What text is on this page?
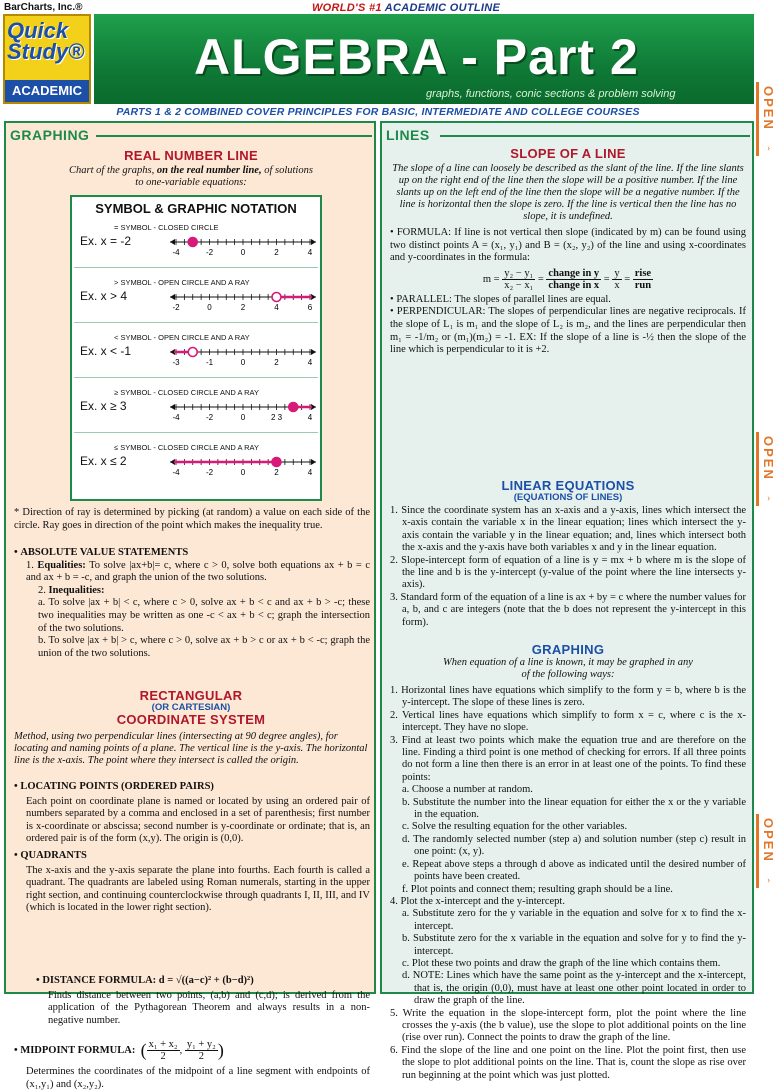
BarCharts, Inc.®	WORLD'S #1 ACADEMIC OUTLINE
Quick
Study®
ACADEMIC
ALGEBRA - Part 2
graphs, functions, conic sections & problem solving
PARTS 1 & 2 COMBINED COVER PRINCIPLES FOR BASIC, INTERMEDIATE AND COLLEGE COURSES	OPEN
›
OPEN
›
OPEN
›
GRAPHING
REAL NUMBER LINE
Chart of the graphs, on the real number line, of solutions to one-variable equations:
SYMBOL & GRAPHIC NOTATION
= SYMBOL - CLOSED CIRCLE
Ex. x = -2
-4	-2	0	2	4
> SYMBOL - OPEN CIRCLE AND A RAY
Ex. x > 4
-2	0	2	4	6
< SYMBOL - OPEN CIRCLE AND A RAY
Ex. x < -1
-3	-1	0	2	4
≥ SYMBOL - CLOSED CIRCLE AND A RAY
Ex. x ≥ 3
-4	-2	0	2 3	4
≤ SYMBOL - CLOSED CIRCLE AND A RAY
Ex. x ≤ 2
-4	-2	0	2	4
* Direction of ray is determined by picking (at random) a value on each side of the circle. Ray goes in direction of the point which makes the inequality true.
• ABSOLUTE VALUE STATEMENTS
1. Equalities: To solve |ax+b|= c, where c > 0, solve both equations ax + b = c and ax + b = -c, and graph the union of the two solutions.
2. Inequalities:
a. To solve |ax + b| < c, where c > 0, solve ax + b < c and ax + b > -c; these two inequalities may be written as one -c < ax + b < c; graph the intersection of the two solutions.
b. To solve |ax + b| > c, where c > 0, solve ax + b > c or ax + b < -c; graph the union of the two solutions.
RECTANGULAR
(OR CARTESIAN)
COORDINATE SYSTEM
Method, using two perpendicular lines (intersecting at 90 degree angles), for locating and naming points of a plane. The vertical line is the y-axis. The horizontal line is the x-axis. The point where they intersect is called the origin.
• LOCATING POINTS (ORDERED PAIRS)
Each point on coordinate plane is named or located by using an ordered pair of numbers separated by a comma and enclosed in a set of parenthesis; first number is x-coordinate or abscissa; second number is y-coordinate or ordinate; that is, an ordered pair is of the form (x,y). The origin is (0,0).
• QUADRANTS
The x-axis and the y-axis separate the plane into fourths. Each fourth is called a quadrant. The quadrants are labeled using Roman numerals, starting in the upper right section, and continuing counterclockwise through quadrants I, II, III, and IV (which is located in the lower right section).
• DISTANCE FORMULA: d = √((a−c)² + (b−d)²)
Finds distance between two points, (a,b) and (c,d); is derived from the application of the Pythagorean Theorem and always results in a non-negative number.
• MIDPOINT FORMULA: ( $\frac{\text{x₁ + x₂}}{2}$ , $\frac{\text{y₁ + y₂}}{2}$ )
Determines the coordinates of the midpoint of a line segment with endpoints of (x₁,y₁) and (x₂,y₂).
LINES
SLOPE OF A LINE
The slope of a line can loosely be described as the slant of the line. If the line slants up on the right end of the line then the slope will be a positive number. If the line slants up on the left end of the line then the slope will be a negative number. If the line is horizontal then the slope is zero. If the line is vertical then the line has no slope, it is undefined.
• FORMULA: If line is not vertical then slope (indicated by m) can be found using two distinct points A = (x₁, y₁) and B = (x₂, y₂) of the line and using x-coordinates and y-coordinates in the formula:
$m = \frac{\text{y₂ − y₁}}{\text{x₂ − x₁}} = \frac{\text{change in y}}{\text{change in x}} = \frac{y}{x} = \frac{\text{rise}}{\text{run}}$
• PARALLEL: The slopes of parallel lines are equal.
• PERPENDICULAR: The slopes of perpendicular lines are negative reciprocals. If the slope of L₁ is m₁ and the slope of L₂ is m₂, and the lines are perpendicular then m₁ = -1/m₂ or (m₁)(m₂) = -1. EX: If the slope of a line is -½ then the slope of the line which is perpendicular to it is +2.
LINEAR EQUATIONS
(EQUATIONS OF LINES)
1. Since the coordinate system has an x-axis and a y-axis, lines which intersect the x-axis contain the variable x in the linear equation; lines which intersect the y-axis contain the variable y in the linear equation; and, lines which intersect both the x-axis and the y-axis have both variables x and y in the linear equation.
2. Slope-intercept form of equation of a line is y = mx + b where m is the slope of the line and b is the y-intercept (y-value of the point where the line intersects y-axis).
3. Standard form of the equation of a line is ax + by = c where the number values for a, b, and c are integers (note that the b does not represent the y-intercept in this form).
GRAPHING
When equation of a line is known, it may be graphed in any of the following ways:
1. Horizontal lines have equations which simplify to the form y = b, where b is the y-intercept. The slope of these lines is zero.
2. Vertical lines have equations which simplify to form x = c, where c is the x-intercept. They have no slope.
3. Find at least two points which make the equation true and are therefore on the line. Finding a third point is one method of checking for errors. If all three points do not form a line then there is an error in at least one of the points. To find these points:
a. Choose a number at random.
b. Substitute the number into the linear equation for either the x or the y variable in the equation.
c. Solve the resulting equation for the other variables.
d. The randomly selected number (step a) and solution number (step c) result in one point: (x, y).
e. Repeat above steps a through d above as indicated until the desired number of points have been created.
f. Plot points and connect them; resulting graph should be a line.
4. Plot the x-intercept and the y-intercept.
a. Substitute zero for the y variable in the equation and solve for x to find the x-intercept.
b. Substitute zero for the x variable in the equation and solve for y to find the y-intercept.
c. Plot these two points and draw the graph of the line which contains them.
d. NOTE: Lines which have the same point as the y-intercept and the x-intercept, that is, the origin (0,0), must have at least one other point located in order to draw the graph of the line.
5. Write the equation in the slope-intercept form, plot the point where the line crosses the y-axis (the b value), use the slope to plot additional points on the line (rise over run). Connect the points to draw the graph of the line.
6. Find the slope of the line and one point on the line. Plot the point first, then use the slope to plot additional points on the line. That is, count the slope as rise over run beginning at the point which was just plotted.
